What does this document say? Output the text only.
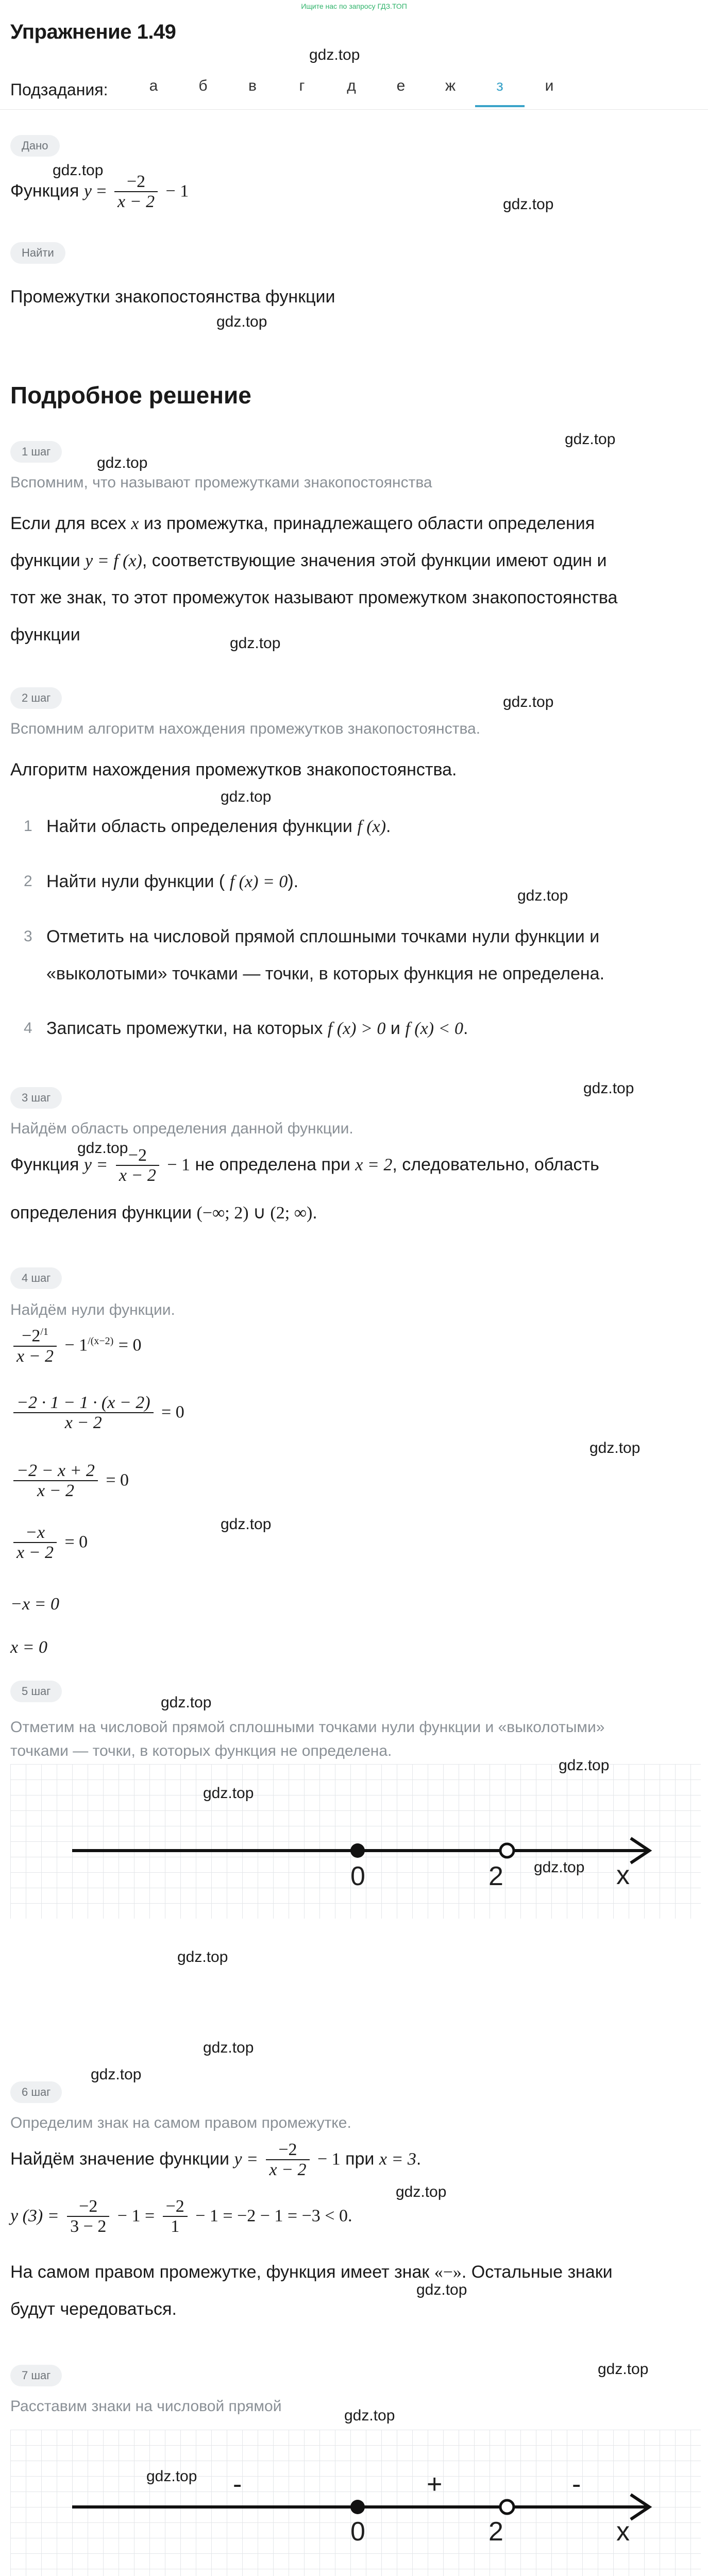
Ищите нас по запросу ГДЗ.ТОП
Упражнение 1.49
Подзадания:	а	б	в	г	д	е	ж	з	и
Дано
Функция $y = \frac{-2}{x - 2} - 1$
Найти
Промежутки знакопостоянства функции
Подробное решение
1 шаг
Вспомним, что называют промежутками знакопостоянства
Если для всех x из промежутка, принадлежащего области определения
функции y = f (x), соответствующие значения этой функции имеют один и
тот же знак, то этот промежуток называют промежутком знакопостоянства
функции
2 шаг
Вспомним алгоритм нахождения промежутков знакопостоянства.
Алгоритм нахождения промежутков знакопостоянства.
1 Найти область определения функции f (x).
2 Найти нули функции ( f (x) = 0).
3 Отметить на числовой прямой сплошными точками нули функции и
«выколотыми» точками — точки, в которых функция не определена.
4 Записать промежутки, на которых f (x) > 0 и f (x) < 0.
3 шаг
Найдём область определения данной функции.
Функция $y = \frac{-2}{x - 2} - 1$ не определена при x = 2, следовательно, область
определения функции (−∞; 2) ∪ (2; ∞).
4 шаг
Найдём нули функции.
$\frac{-2^{/1}}{x - 2} - 1^{/(x-2)} = 0$
$\frac{-2 \cdot 1 - 1 \cdot (x - 2)}{x - 2} = 0$
$\frac{-2 - x + 2}{x - 2} = 0$
$\frac{-x}{x - 2} = 0$
−x = 0
x = 0
5 шаг
Отметим на числовой прямой сплошными точками нули функции и «выколотыми»
точками — точки, в которых функция не определена.
0	2	x
6 шаг
Определим знак на самом правом промежутке.
Найдём значение функции $y = \frac{-2}{x - 2} - 1$ при x = 3.
y $(3) = \frac{-2}{3 - 2} - 1 = \frac{-2}{1} - 1 = -2 - 1 = -3 < 0$.
На самом правом промежутке, функция имеет знак «−». Остальные знаки
будут чередоваться.
7 шаг
Расставим знаки на числовой прямой
-	+	-
0	2	x
gdz.top
gdz.top
gdz.top
gdz.top
gdz.top
gdz.top
gdz.top
gdz.top
gdz.top
gdz.top
gdz.top
gdz.top
gdz.top
gdz.top
gdz.top
gdz.top
gdz.top
gdz.top
gdz.top
gdz.top
gdz.top
gdz.top
gdz.top
gdz.top
gdz.top
gdz.top
